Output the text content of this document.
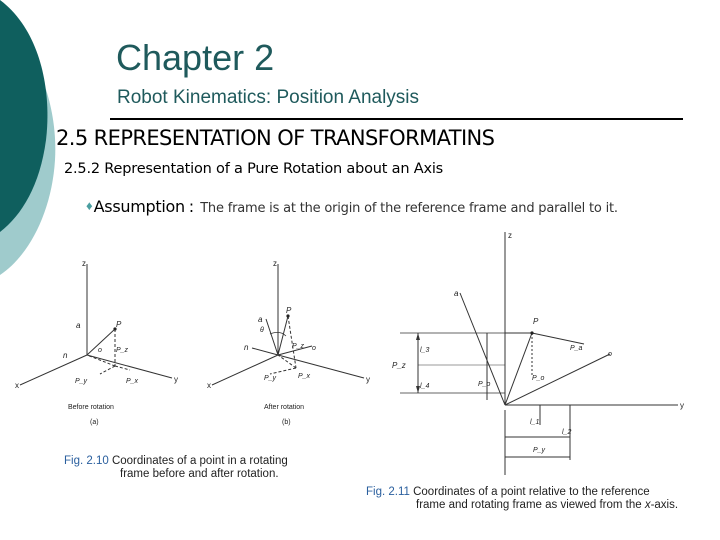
Chapter 2
Robot Kinematics: Position Analysis
2.5 REPRESENTATION OF TRANSFORMATINS
2.5.2 Representation of a Pure Rotation about an Axis
♦Assumption : The frame is at the origin of the reference frame and parallel to it.
z
a	P
o
n
P_z
P_x
P_y
x
y
Before rotation
(a)
z
a
P
o
n
θ
P_z
P_x
P_y
x
y
After rotation
(b)
Fig. 2.10 Coordinates of a point in a rotating
frame before and after rotation.
z
a
P
P_a
o
P_z
l_3
l_4	P_o
P_o
y
l_1
l_2
P_y
Fig. 2.11 Coordinates of a point relative to the reference
frame and rotating frame as viewed from the x-axis.
